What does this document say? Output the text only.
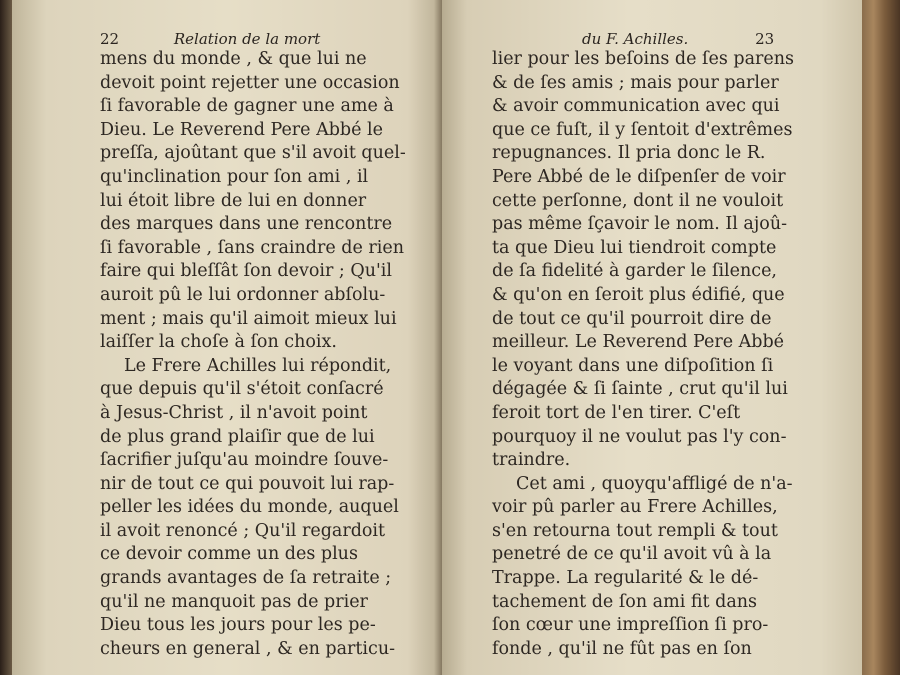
22	Relation de la mort
mens du monde , & que lui ne
devoit point rejetter une occasion
ſi favorable de gagner une ame à
Dieu. Le Reverend Pere Abbé le
preſſa, ajoûtant que s'il avoit quel-
qu'inclination pour ſon ami , il
lui étoit libre de lui en donner
des marques dans une rencontre
ſi favorable , ſans craindre de rien
faire qui bleſſât ſon devoir ; Qu'il
auroit pû le lui ordonner abſolu-
ment ; mais qu'il aimoit mieux lui
laiſſer la choſe à ſon choix.
Le Frere Achilles lui répondit,
que depuis qu'il s'étoit conſacré
à Jesus-Christ , il n'avoit point
de plus grand plaiſir que de lui
ſacrifier juſqu'au moindre ſouve-
nir de tout ce qui pouvoit lui rap-
peller les idées du monde, auquel
il avoit renoncé ; Qu'il regardoit
ce devoir comme un des plus
grands avantages de ſa retraite ;
qu'il ne manquoit pas de prier
Dieu tous les jours pour les pe-
cheurs en general , & en particu-
du F. Achilles.	23
lier pour les beſoins de ſes parens
& de ſes amis ; mais pour parler
& avoir communication avec qui
que ce fuſt, il y ſentoit d'extrêmes
repugnances. Il pria donc le R.
Pere Abbé de le diſpenſer de voir
cette perſonne, dont il ne vouloit
pas même ſçavoir le nom. Il ajoû-
ta que Dieu lui tiendroit compte
de ſa fidelité à garder le ſilence,
& qu'on en ſeroit plus édifié, que
de tout ce qu'il pourroit dire de
meilleur. Le Reverend Pere Abbé
le voyant dans une diſpoſition ſi
dégagée & ſi ſainte , crut qu'il lui
feroit tort de l'en tirer. C'eſt
pourquoy il ne voulut pas l'y con-
traindre.
Cet ami , quoyqu'affligé de n'a-
voir pû parler au Frere Achilles,
s'en retourna tout rempli & tout
penetré de ce qu'il avoit vû à la
Trappe. La regularité & le dé-
tachement de ſon ami fit dans
ſon cœur une impreſſion ſi pro-
fonde , qu'il ne fût pas en ſon
